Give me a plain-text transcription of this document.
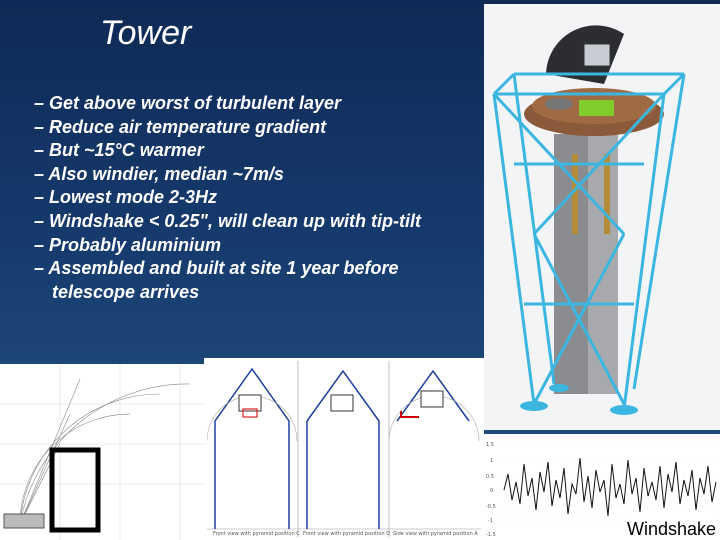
Tower
– Get above worst of turbulent layer
– Reduce air temperature gradient
– But ~15°C warmer
– Also windier, median ~7m/s
– Lowest mode 2-3Hz
– Windshake < 0.25", will clean up with tip-tilt
– Probably aluminium
– Assembled and built at site 1 year before telescope arrives
Front view with pyramid position C Front view with pyramid position D Side view with pyramid position A
1.5
1
0.5
0
-0.5
-1
-1.5	Windshake
